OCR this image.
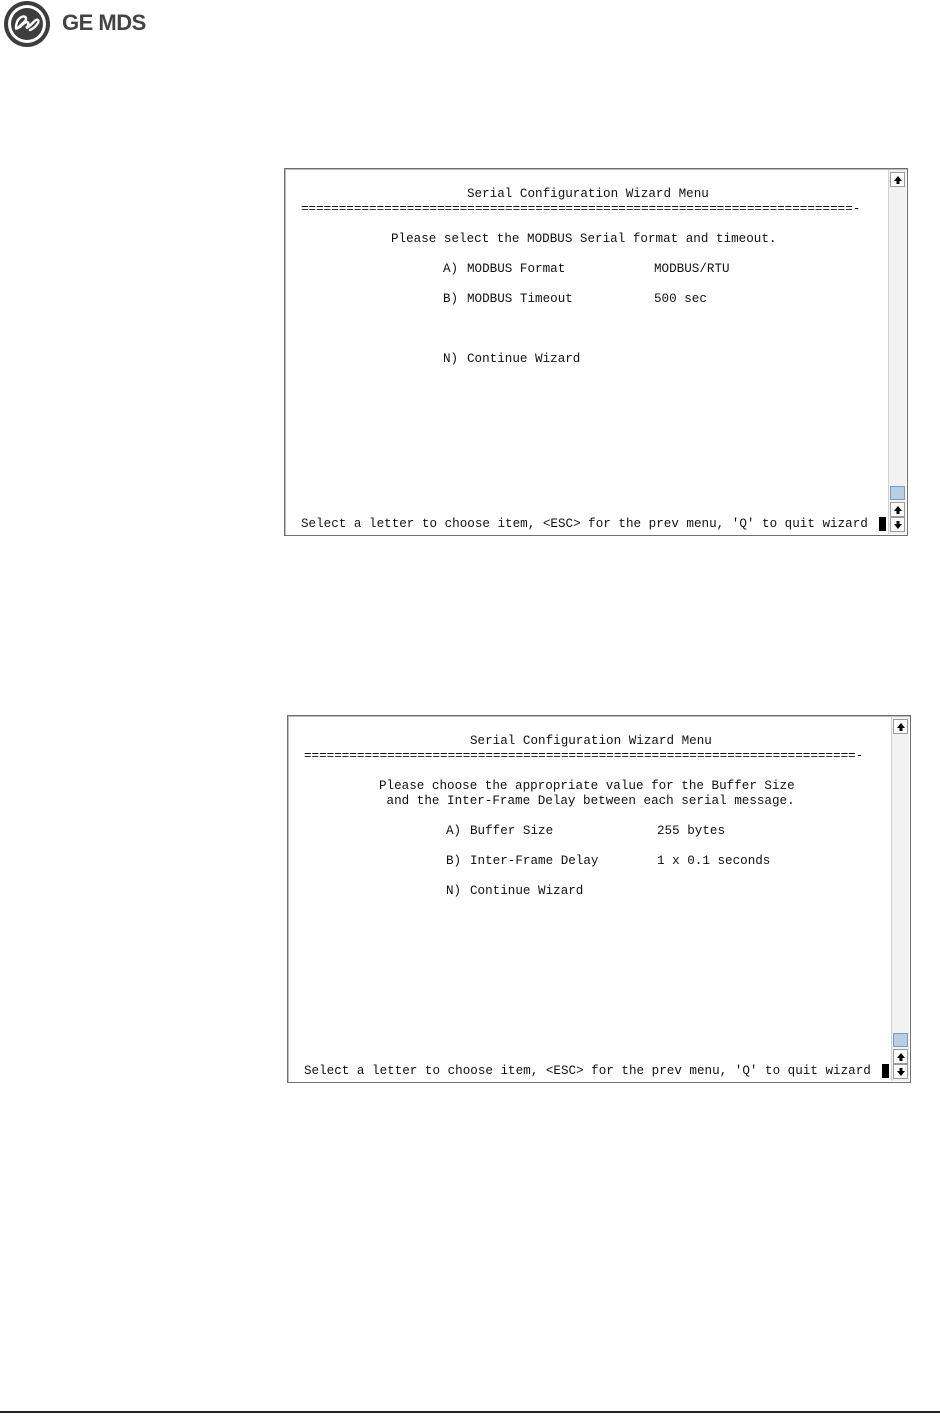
GE MDS
Serial Configuration Wizard Menu
=========================================================================-
Please select the MODBUS Serial format and timeout.
A) MODBUS Format	MODBUS/RTU
B) MODBUS Timeout	500 sec
N) Continue Wizard
Select a letter to choose item, <ESC> for the prev menu, 'Q' to quit wizard
Serial Configuration Wizard Menu
=========================================================================-
Please choose the appropriate value for the Buffer Size
and the Inter-Frame Delay between each serial message.
A) Buffer Size	255 bytes
B) Inter-Frame Delay	1 x 0.1 seconds
N) Continue Wizard
Select a letter to choose item, <ESC> for the prev menu, 'Q' to quit wizard
